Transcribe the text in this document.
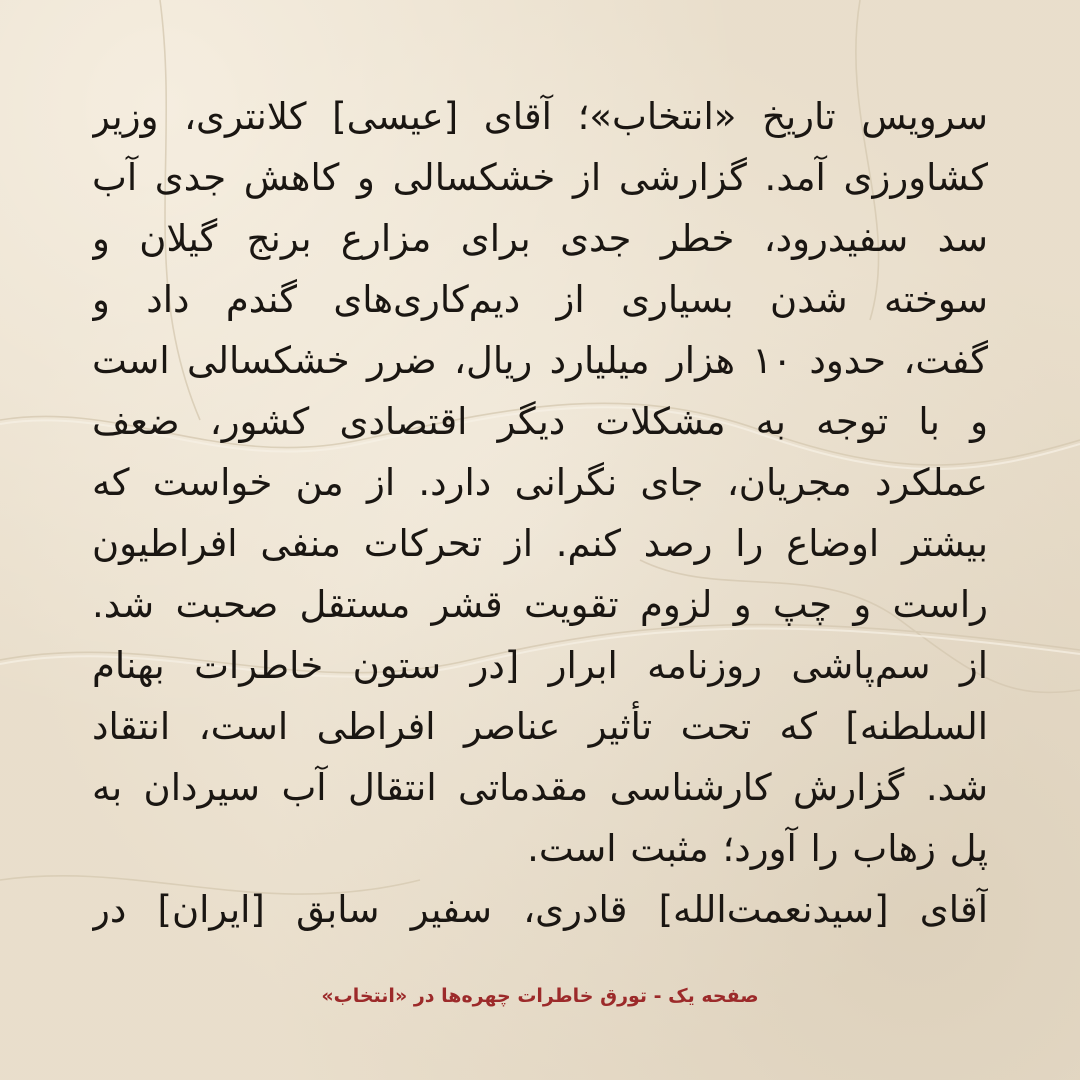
سرویس تاریخ «انتخاب»؛ آقای [عیسی] کلانتری، وزیر
کشاورزی آمد. گزارشی از خشکسالی و کاهش جدی آب
سد سفیدرود، خطر جدی برای مزارع برنج گیلان و
سوخته شدن بسیاری از دیم‌کاری‌های گندم داد و
گفت، حدود ۱۰ هزار میلیارد ریال، ضرر خشکسالی است
و با توجه به مشکلات دیگر اقتصادی کشور، ضعف
عملکرد مجریان، جای نگرانی دارد. از من خواست که
بیشتر اوضاع را رصد کنم. از تحرکات منفی افراطیون
راست و چپ و لزوم تقویت قشر مستقل صحبت شد.
از سم‌پاشی روزنامه ابرار [در ستون خاطرات بهنام
السلطنه] که تحت تأثیر عناصر افراطی است، انتقاد
شد. گزارش کارشناسی مقدماتی انتقال آب سیردان به
پل زهاب را آورد؛ مثبت است.
آقای [سیدنعمت‌الله] قادری، سفیر سابق [ایران] در

صفحه یک - تورق خاطرات چهره‌ها در «انتخاب»
